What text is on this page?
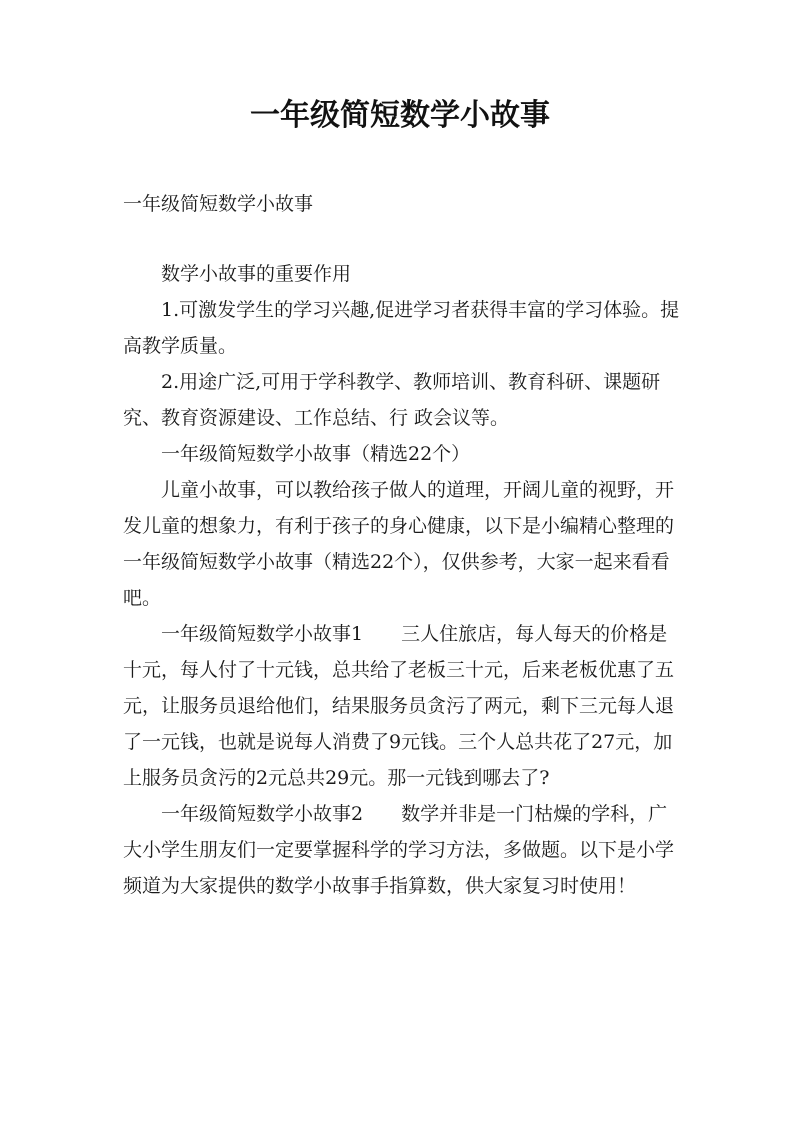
一年级简短数学小故事

一年级简短数学小故事

数学小故事的重要作用

1.可激发学生的学习兴趣,促进学习者获得丰富的学习体验。提高教学质量。

2.用途广泛,可用于学科教学、教师培训、教育科研、课题研究、教育资源建设、工作总结、行 政会议等。

一年级简短数学小故事（精选22个）

儿童小故事，可以教给孩子做人的道理，开阔儿童的视野，开发儿童的想象力，有利于孩子的身心健康，以下是小编精心整理的一年级简短数学小故事（精选22个），仅供参考，大家一起来看看吧。

一年级简短数学小故事1 三人住旅店，每人每天的价格是十元，每人付了十元钱，总共给了老板三十元，后来老板优惠了五元，让服务员退给他们，结果服务员贪污了两元，剩下三元每人退了一元钱，也就是说每人消费了9元钱。三个人总共花了27元，加上服务员贪污的2元总共29元。那一元钱到哪去了?

一年级简短数学小故事2 数学并非是一门枯燥的学科，广大小学生朋友们一定要掌握科学的学习方法，多做题。以下是小学频道为大家提供的数学小故事手指算数，供大家复习时使用！
